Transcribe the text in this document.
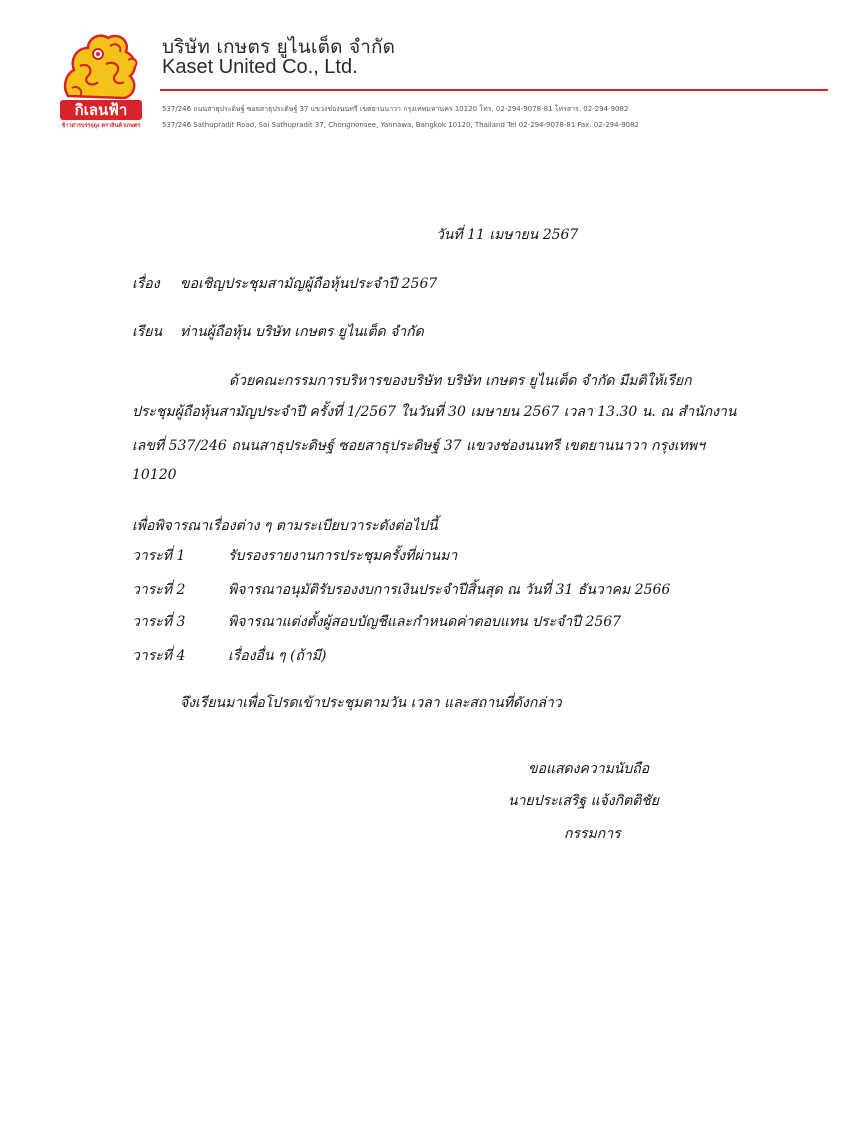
กิเลนฟ้า
ข้าวสารบรรจุถุง ตราสินค้าเกษตร
บริษัท เกษตร ยูไนเต็ด จำกัด
Kaset United Co., Ltd.
537/246 ถนนสาธุประดิษฐ์ ซอยสาธุประดิษฐ์ 37 แขวงช่องนนทรี เขตยานนาวา กรุงเทพมหานคร 10120 โทร. 02-294-9078-81 โทรสาร. 02-294-9082
537/246 Sathupradit Road, Soi Sathupradit 37, Chongnonsee, Yannawa, Bangkok 10120, Thailand Tel 02-294-9078-81 Fax. 02-294-9082
วันที่ 11 เมษายน 2567
เรื่อง ขอเชิญประชุมสามัญผู้ถือหุ้นประจำปี 2567
เรียน ท่านผู้ถือหุ้น บริษัท เกษตร ยูไนเต็ด จำกัด
ด้วยคณะกรรมการบริหารของบริษัท บริษัท เกษตร ยูไนเต็ด จำกัด มีมติให้เรียก
ประชุมผู้ถือหุ้นสามัญประจำปี ครั้งที่ 1/2567 ในวันที่ 30 เมษายน 2567 เวลา 13.30 น. ณ สำนักงาน
เลขที่ 537/246 ถนนสาธุประดิษฐ์ ซอยสาธุประดิษฐ์ 37 แขวงช่องนนทรี เขตยานนาวา กรุงเทพฯ
10120
เพื่อพิจารณาเรื่องต่าง ๆ ตามระเบียบวาระดังต่อไปนี้
วาระที่ 1	รับรองรายงานการประชุมครั้งที่ผ่านมา
วาระที่ 2	พิจารณาอนุมัติรับรองงบการเงินประจำปีสิ้นสุด ณ วันที่ 31 ธันวาคม 2566
วาระที่ 3	พิจารณาแต่งตั้งผู้สอบบัญชีและกำหนดค่าตอบแทน ประจำปี 2567
วาระที่ 4	เรื่องอื่น ๆ (ถ้ามี)
จึงเรียนมาเพื่อโปรดเข้าประชุมตามวัน เวลา และสถานที่ดังกล่าว
ขอแสดงความนับถือ
นายประเสริฐ แจ้งกิตติชัย
กรรมการ
